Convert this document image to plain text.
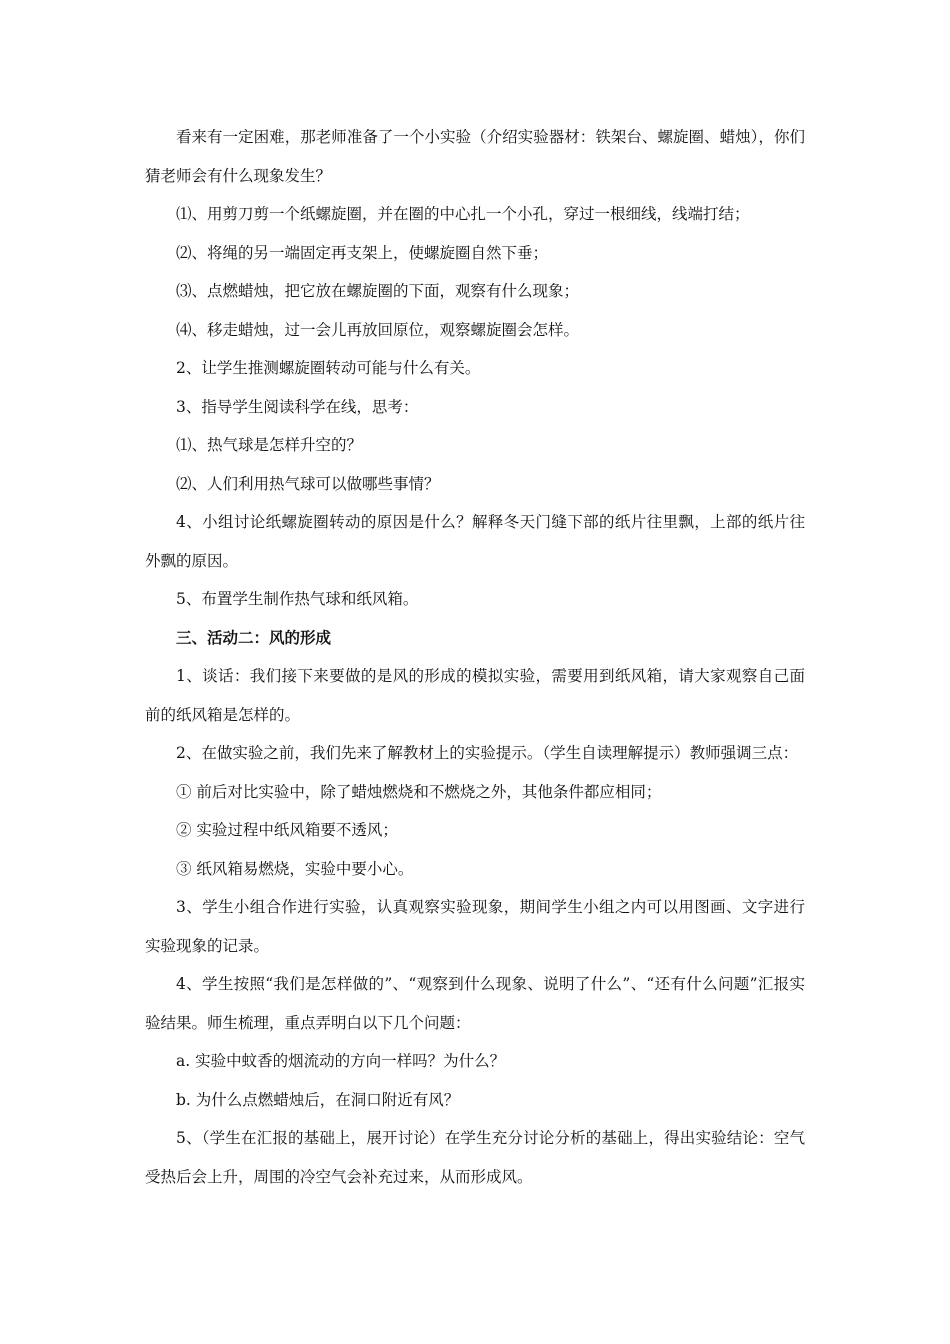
看来有一定困难，那老师准备了一个小实验（介绍实验器材：铁架台、螺旋圈、蜡烛），你们猜老师会有什么现象发生？

⑴、用剪刀剪一个纸螺旋圈，并在圈的中心扎一个小孔，穿过一根细线，线端打结；

⑵、将绳的另一端固定再支架上，使螺旋圈自然下垂；

⑶、点燃蜡烛，把它放在螺旋圈的下面，观察有什么现象；

⑷、移走蜡烛，过一会儿再放回原位，观察螺旋圈会怎样。

2、让学生推测螺旋圈转动可能与什么有关。

3、指导学生阅读科学在线，思考：

⑴、热气球是怎样升空的？

⑵、人们利用热气球可以做哪些事情？

4、小组讨论纸螺旋圈转动的原因是什么？解释冬天门缝下部的纸片往里飘，上部的纸片往外飘的原因。

5、布置学生制作热气球和纸风箱。

三、活动二：风的形成

1、谈话：我们接下来要做的是风的形成的模拟实验，需要用到纸风箱，请大家观察自己面前的纸风箱是怎样的。

2、在做实验之前，我们先来了解教材上的实验提示。（学生自读理解提示）教师强调三点：

① 前后对比实验中，除了蜡烛燃烧和不燃烧之外，其他条件都应相同；

② 实验过程中纸风箱要不透风；

③ 纸风箱易燃烧，实验中要小心。

3、学生小组合作进行实验，认真观察实验现象，期间学生小组之内可以用图画、文字进行实验现象的记录。

4、学生按照“我们是怎样做的”、“观察到什么现象、说明了什么”、“还有什么问题”汇报实验结果。师生梳理，重点弄明白以下几个问题：

a. 实验中蚊香的烟流动的方向一样吗？为什么？

b. 为什么点燃蜡烛后，在洞口附近有风？

5、（学生在汇报的基础上，展开讨论）在学生充分讨论分析的基础上，得出实验结论：空气受热后会上升，周围的冷空气会补充过来，从而形成风。
